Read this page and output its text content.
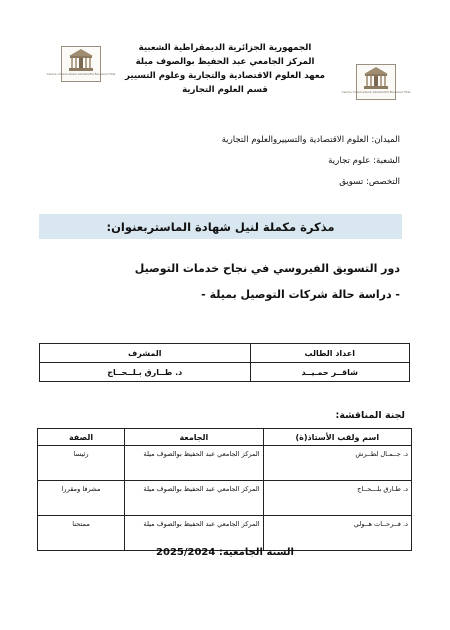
Centre Universitaire Abdelhafid Boussouf Mila
Centre Universitaire Abdelhafid Boussouf Mila
الجمهورية الجزائرية الديمقراطية الشعبية
المركز الجامعي عبد الحفيظ بوالصوف ميلة
معهد العلوم الاقتصادية والتجارية وعلوم التسيير
قسم العلوم التجارية
الميدان: العلوم الاقتصادية والتسييروالعلوم التجارية
الشعبة: علوم تجارية
التخصص: تسويق
مذكرة مكملة لنيل شهادة الماستربعنوان:
دور التسويق الفيروسي في نجاح خدمات التوصيل
- دراسة حالة شركات التوصيل بميلة -
اعداد الطالب	المشرف
شاقــر حمـيــد	د. طــارق بـلــحــاج
لجنة المناقشة:
اسم ولقب الأستاذ(ة)	الجامعة	الصفة
د. جــمـال لطــرش	المركز الجامعي عبد الحفيظ بوالصوف ميلة	رئيسا
د. طـارق بلـــحــاج	المركز الجامعي عبد الحفيظ بوالصوف ميلة	مشرفا ومقررا
د. فــرحــات هــولي	المركز الجامعي عبد الحفيظ بوالصوف ميلة	ممتحنا
السنة الجامعية: 2025/2024
